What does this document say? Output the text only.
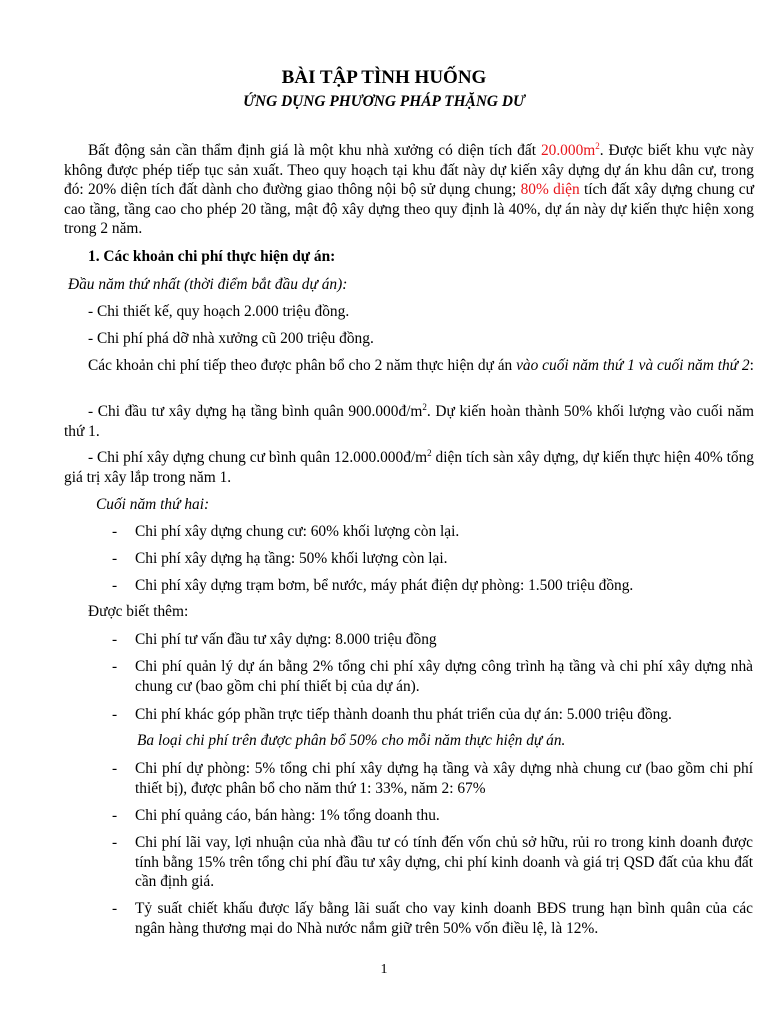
BÀI TẬP TÌNH HUỐNG
ỨNG DỤNG PHƯƠNG PHÁP THẶNG DƯ
Bất động sản cần thẩm định giá là một khu nhà xưởng có diện tích đất $20.000m^2$. Được biết khu vực này không được phép tiếp tục sản xuất. Theo quy hoạch tại khu đất này dự kiến xây dựng dự án khu dân cư, trong đó: 20% diện tích đất dành cho đường giao thông nội bộ sử dụng chung; 80% diện tích đất xây dựng chung cư cao tầng, tầng cao cho phép 20 tầng, mật độ xây dựng theo quy định là 40%, dự án này dự kiến thực hiện xong trong 2 năm.
1. Các khoản chi phí thực hiện dự án:
Đầu năm thứ nhất (thời điểm bắt đầu dự án):
- Chi thiết kế, quy hoạch 2.000 triệu đồng.
- Chi phí phá dỡ nhà xưởng cũ 200 triệu đồng.
Các khoản chi phí tiếp theo được phân bổ cho 2 năm thực hiện dự án vào cuối năm thứ 1 và cuối năm thứ 2:
- Chi đầu tư xây dựng hạ tầng bình quân $900.000đ/m^2$. Dự kiến hoàn thành 50% khối lượng vào cuối năm thứ 1.
- Chi phí xây dựng chung cư bình quân $12.000.000đ/m^2$ diện tích sàn xây dựng, dự kiến thực hiện 40% tổng giá trị xây lắp trong năm 1.
Cuối năm thứ hai:
-	Chi phí xây dựng chung cư: 60% khối lượng còn lại.
-	Chi phí xây dựng hạ tầng: 50% khối lượng còn lại.
-	Chi phí xây dựng trạm bơm, bể nước, máy phát điện dự phòng: 1.500 triệu đồng.
Được biết thêm:
-	Chi phí tư vấn đầu tư xây dựng: 8.000 triệu đồng
-	Chi phí quản lý dự án bằng 2% tổng chi phí xây dựng công trình hạ tầng và chi phí xây dựng nhà chung cư (bao gồm chi phí thiết bị của dự án).
-	Chi phí khác góp phần trực tiếp thành doanh thu phát triển của dự án: 5.000 triệu đồng.
Ba loại chi phí trên được phân bổ 50% cho mỗi năm thực hiện dự án.
-	Chi phí dự phòng: 5% tổng chi phí xây dựng hạ tầng và xây dựng nhà chung cư (bao gồm chi phí thiết bị), được phân bổ cho năm thứ 1: 33%, năm 2: 67%
-	Chi phí quảng cáo, bán hàng: 1% tổng doanh thu.
-	Chi phí lãi vay, lợi nhuận của nhà đầu tư có tính đến vốn chủ sở hữu, rủi ro trong kinh doanh được tính bằng 15% trên tổng chi phí đầu tư xây dựng, chi phí kinh doanh và giá trị QSD đất của khu đất cần định giá.
-	Tỷ suất chiết khấu được lấy bằng lãi suất cho vay kinh doanh BĐS trung hạn bình quân của các ngân hàng thương mại do Nhà nước nắm giữ trên 50% vốn điều lệ, là 12%.
1
